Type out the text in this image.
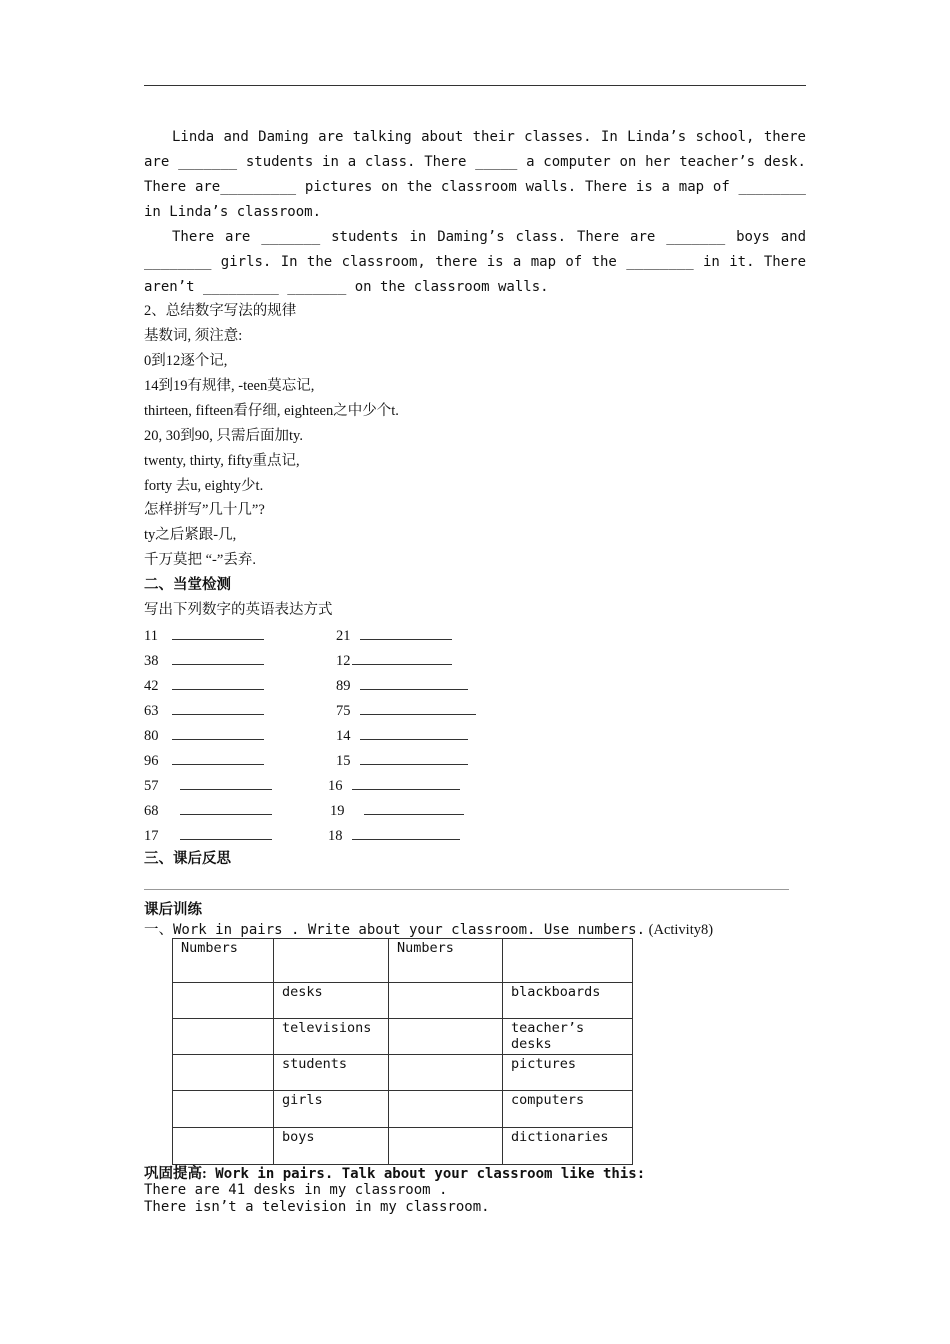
Linda and Daming are talking about their classes. In Linda’s school, there are _______ students in a class. There _____ a computer on her teacher’s desk. There are_________ pictures on the classroom walls. There is a map of ________ in Linda’s classroom.

There are _______ students in Daming’s class. There are _______ boys and ________ girls. In the classroom, there is a map of the ________ in it. There aren’t _________ _______ on the classroom walls.

2、总结数字写法的规律
基数词, 须注意:
0到12逐个记,
14到19有规律, -teen莫忘记,
thirteen, fifteen看仔细, eighteen之中少个t.
20, 30到90, 只需后面加ty.
twenty, thirty, fifty重点记,
forty 去u, eighty少t.
怎样拼写”几十几”?
ty之后紧跟-几,
千万莫把 “-”丢弃.
二、当堂检测
写出下列数字的英语表达方式
11	21
38	12
42	89
63	75
80	14
96	15
57	16
68	19
17	18
三、课后反思
课后训练
一、Work in pairs . Write about your classroom. Use numbers. (Activity8)
Numbers		Numbers	
	desks		blackboards
	televisions		teacher’s desks
	students		pictures
	girls		computers
	boys		dictionaries
巩固提高: Work in pairs. Talk about your classroom like this:
There are 41 desks in my classroom .
There isn’t a television in my classroom.
